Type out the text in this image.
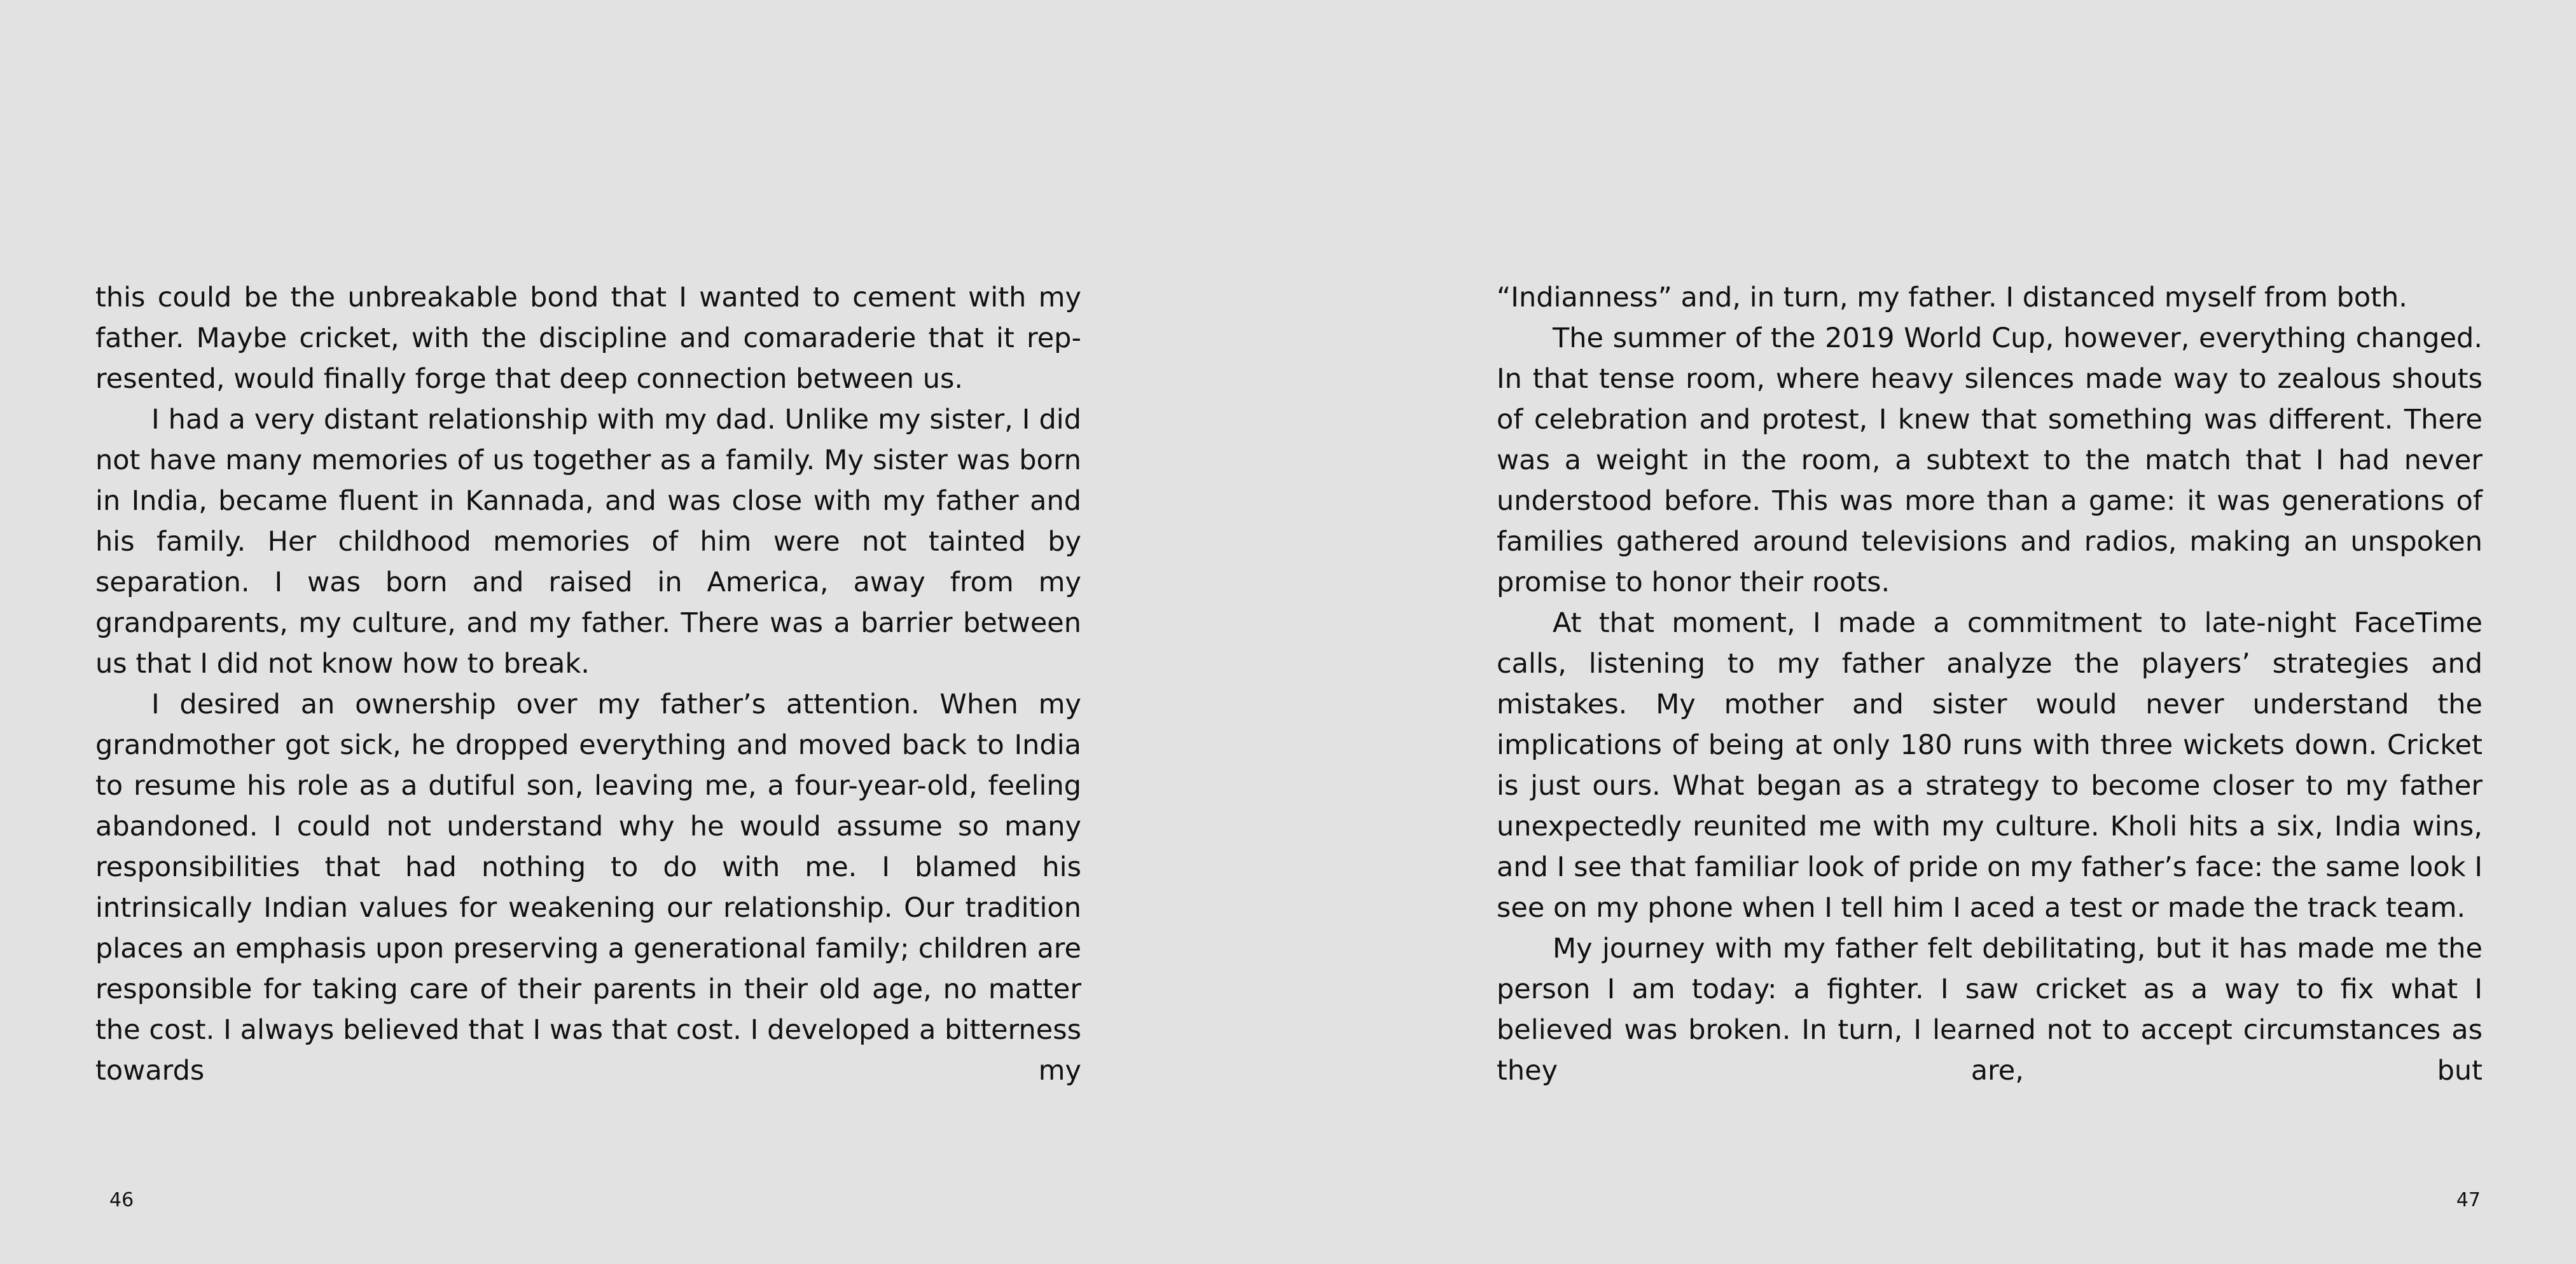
this could be the unbreakable bond that I wanted to cement with my father. Maybe cricket, with the discipline and comaraderie that it rep-resented, would finally forge that deep connection between us.

I had a very distant relationship with my dad. Unlike my sister, I did not have many memories of us together as a family. My sister was born in India, became fluent in Kannada, and was close with my father and his family. Her childhood memories of him were not tainted by separation. I was born and raised in America, away from my grandparents, my culture, and my father. There was a barrier between us that I did not know how to break.

I desired an ownership over my father’s attention. When my grandmother got sick, he dropped everything and moved back to India to resume his role as a dutiful son, leaving me, a four-year-old, feeling abandoned. I could not understand why he would assume so many responsibilities that had nothing to do with me. I blamed his intrinsically Indian values for weakening our relationship. Our tradition places an emphasis upon preserving a generational family; children are responsible for taking care of their parents in their old age, no matter the cost. I always believed that I was that cost. I developed a bitterness towards my

46

“Indianness” and, in turn, my father. I distanced myself from both.

The summer of the 2019 World Cup, however, everything changed. In that tense room, where heavy silences made way to zealous shouts of celebration and protest, I knew that something was different. There was a weight in the room, a subtext to the match that I had never understood before. This was more than a game: it was generations of families gathered around televisions and radios, making an unspoken promise to honor their roots.

At that moment, I made a commitment to late-night FaceTime calls, listening to my father analyze the players’ strategies and mistakes. My mother and sister would never understand the implications of being at only 180 runs with three wickets down. Cricket is just ours. What began as a strategy to become closer to my father unexpectedly reunited me with my culture. Kholi hits a six, India wins, and I see that familiar look of pride on my father’s face: the same look I see on my phone when I tell him I aced a test or made the track team.

My journey with my father felt debilitating, but it has made me the person I am today: a fighter. I saw cricket as a way to fix what I believed was broken. In turn, I learned not to accept circumstances as they are, but

47
